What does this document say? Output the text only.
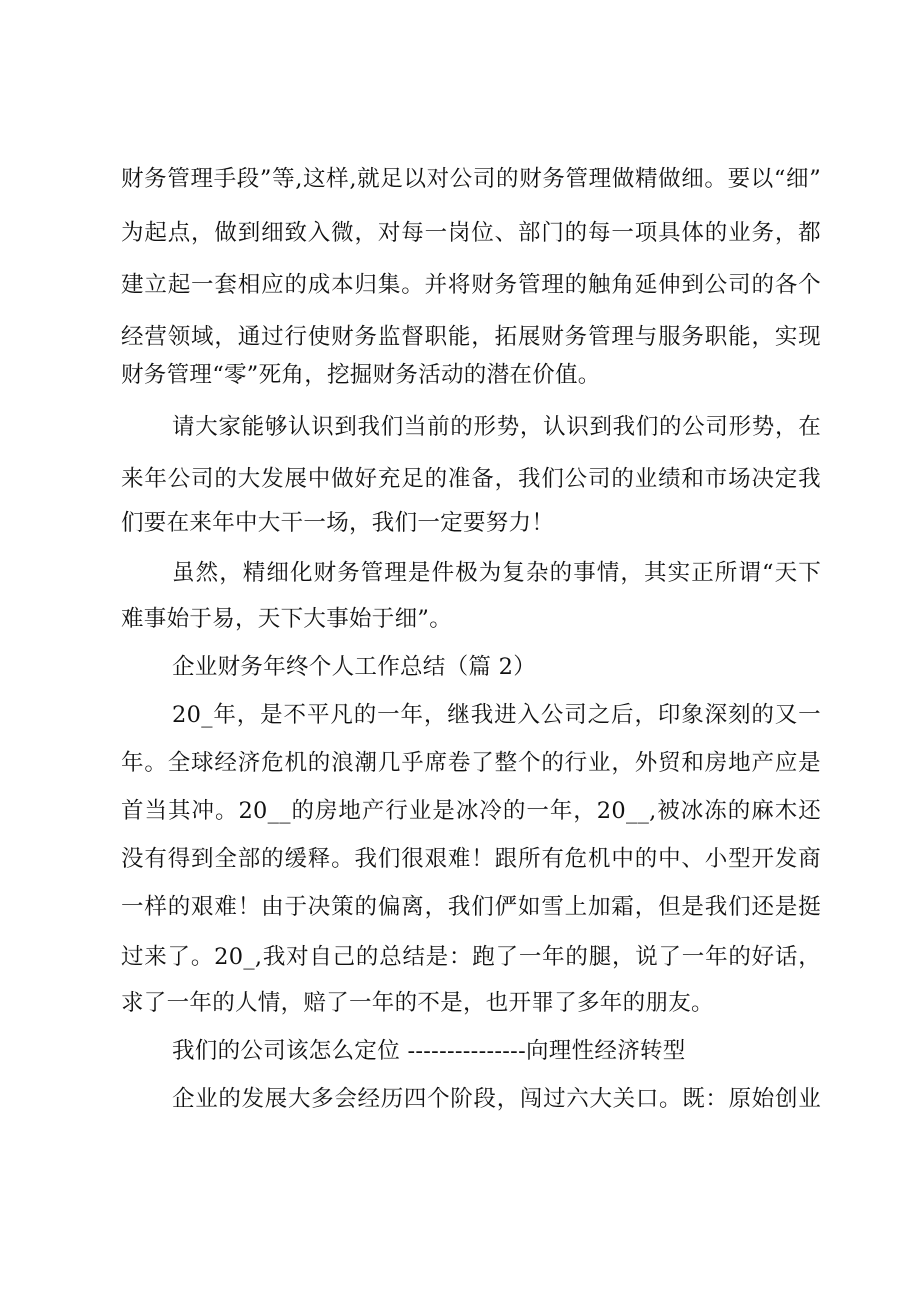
财务管理手段”等,这样,就足以对公司的财务管理做精做细。要以“细”
为起点，做到细致入微，对每一岗位、部门的每一项具体的业务，都
建立起一套相应的成本归集。并将财务管理的触角延伸到公司的各个
经营领域，通过行使财务监督职能，拓展财务管理与服务职能，实现
财务管理“零”死角，挖掘财务活动的潜在价值。
请大家能够认识到我们当前的形势，认识到我们的公司形势，在
来年公司的大发展中做好充足的准备，我们公司的业绩和市场决定我
们要在来年中大干一场，我们一定要努力！
虽然，精细化财务管理是件极为复杂的事情，其实正所谓“天下
难事始于易，天下大事始于细”。
企业财务年终个人工作总结（篇 2）
20_年，是不平凡的一年，继我进入公司之后，印象深刻的又一
年。全球经济危机的浪潮几乎席卷了整个的行业，外贸和房地产应是
首当其冲。20__的房地产行业是冰冷的一年，20__,被冰冻的麻木还
没有得到全部的缓释。我们很艰难！跟所有危机中的中、小型开发商
一样的艰难！由于决策的偏离，我们俨如雪上加霜，但是我们还是挺
过来了。20_,我对自己的总结是：跑了一年的腿，说了一年的好话，
求了一年的人情，赔了一年的不是，也开罪了多年的朋友。
我们的公司该怎么定位 ---------------向理性经济转型
企业的发展大多会经历四个阶段，闯过六大关口。既：原始创业
